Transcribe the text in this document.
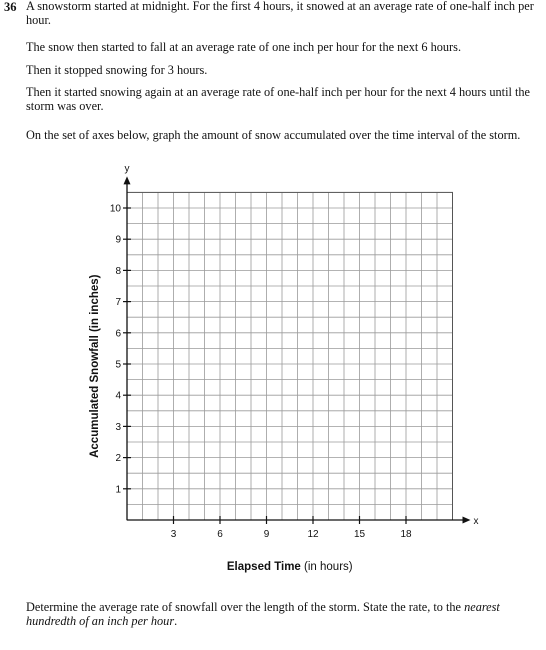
36 A snowstorm started at midnight. For the first 4 hours, it snowed at an average rate of one-half inch per hour.

The snow then started to fall at an average rate of one inch per hour for the next 6 hours.

Then it stopped snowing for 3 hours.

Then it started snowing again at an average rate of one-half inch per hour for the next 4 hours until the storm was over.

On the set of axes below, graph the amount of snow accumulated over the time interval of the storm.

3	6	9	12	15	18
1
2
3
4
5
6
7
8
9
10
x
y
Elapsed Time (in hours)
Accumulated Snowfall (in inches)

Determine the average rate of snowfall over the length of the storm. State the rate, to the nearest hundredth of an inch per hour.
